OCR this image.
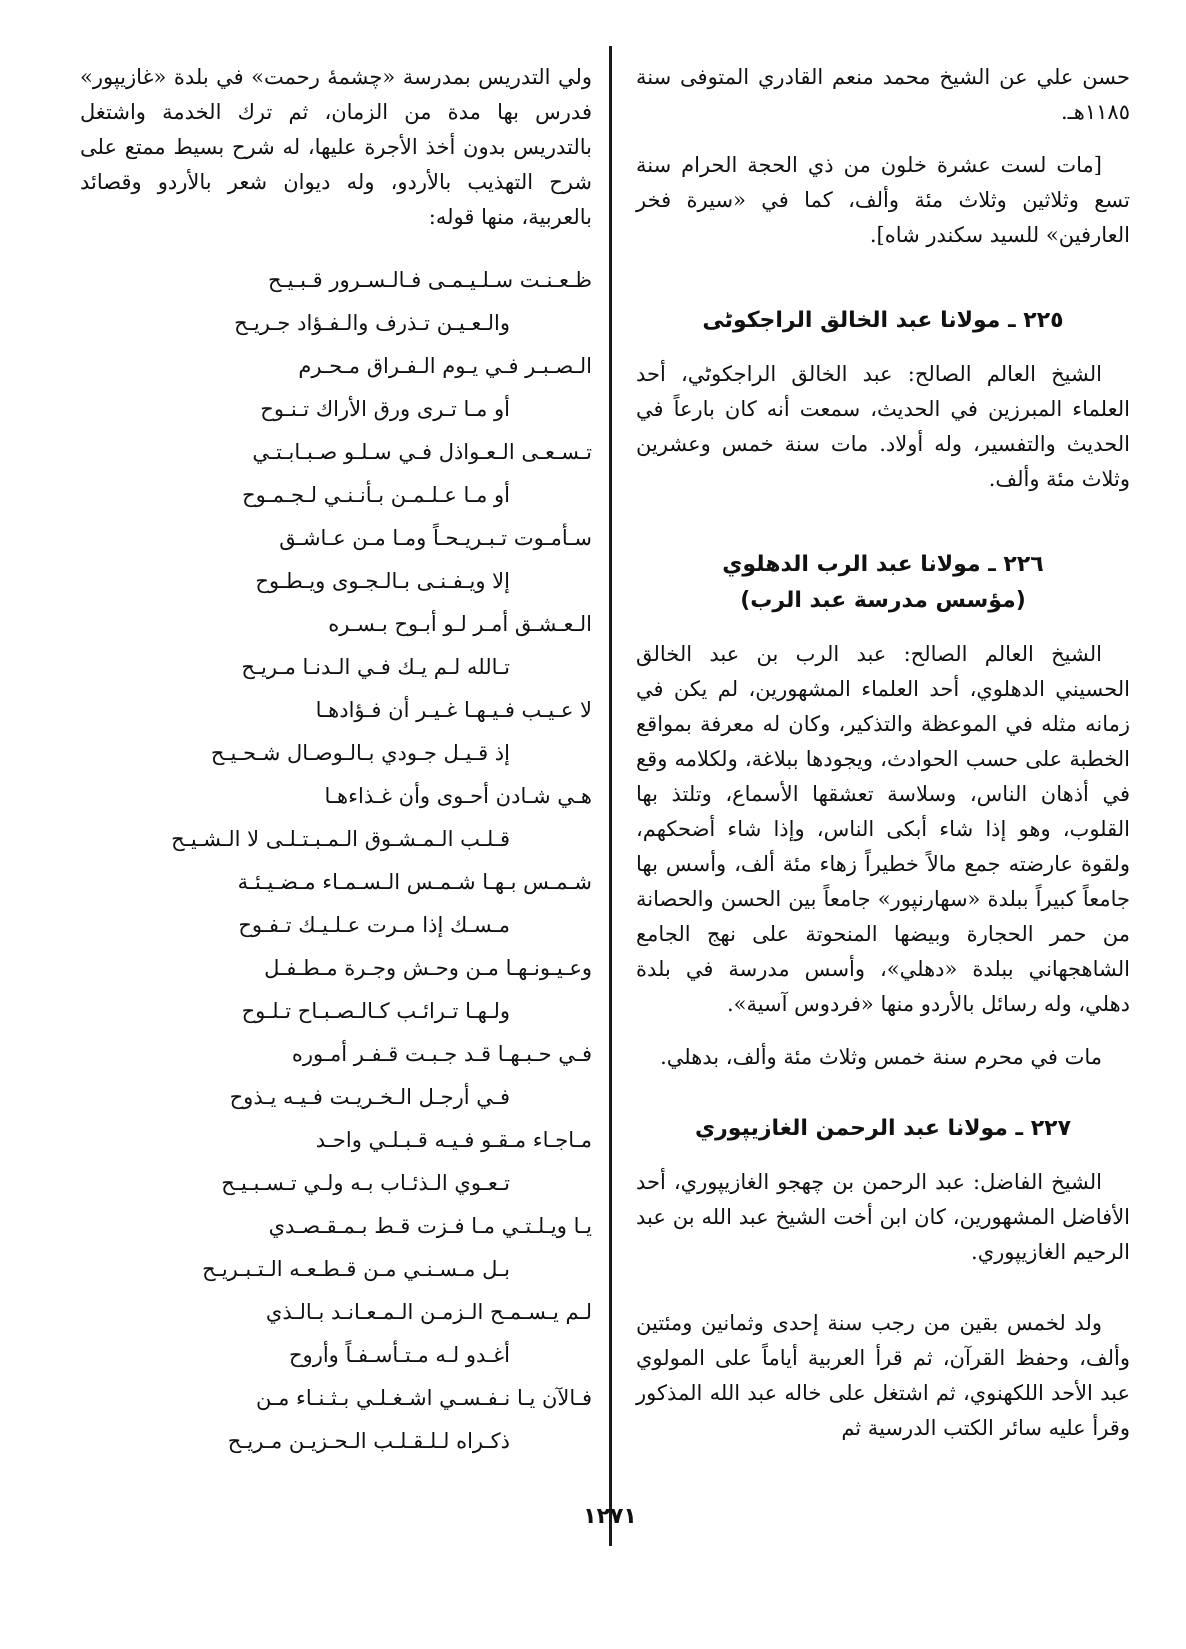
حسن علي عن الشيخ محمد منعم القادري المتوفى سنة ١١٨٥هـ.

[مات لست عشرة خلون من ذي الحجة الحرام سنة تسع وثلاثين وثلاث مئة وألف، كما في «سيرة فخر العارفين» للسيد سكندر شاه].

٢٢٥ ـ مولانا عبد الخالق الراجكوٹی

الشيخ العالم الصالح: عبد الخالق الراجكوٹي، أحد العلماء المبرزين في الحديث، سمعت أنه كان بارعاً في الحديث والتفسير، وله أولاد. مات سنة خمس وعشرين وثلاث مئة وألف.

٢٢٦ ـ مولانا عبد الرب الدهلوي

(مؤسس مدرسة عبد الرب)

الشيخ العالم الصالح: عبد الرب بن عبد الخالق الحسيني الدهلوي، أحد العلماء المشهورين، لم يكن في زمانه مثله في الموعظة والتذكير، وكان له معرفة بمواقع الخطبة على حسب الحوادث، ويجودها ببلاغة، ولكلامه وقع في أذهان الناس، وسلاسة تعشقها الأسماع، وتلتذ بها القلوب، وهو إذا شاء أبكى الناس، وإذا شاء أضحكهم، ولقوة عارضته جمع مالاً خطيراً زهاء مئة ألف، وأسس بها جامعاً كبيراً ببلدة «سهارنپور» جامعاً بين الحسن والحصانة من حمر الحجارة وبيضها المنحوتة على نهج الجامع الشاهجهاني ببلدة «دهلي»، وأسس مدرسة في بلدة دهلي، وله رسائل بالأردو منها «فردوس آسية».

مات في محرم سنة خمس وثلاث مئة وألف، بدهلي.

٢٢٧ ـ مولانا عبد الرحمن الغازيپوري

الشيخ الفاضل: عبد الرحمن بن چهجو الغازيپوري، أحد الأفاضل المشهورين، كان ابن أخت الشيخ عبد الله بن عبد الرحيم الغازيپوري.

ولد لخمس بقين من رجب سنة إحدى وثمانين ومئتين وألف، وحفظ القرآن، ثم قرأ العربية أياماً على المولوي عبد الأحد اللكهنوي، ثم اشتغل على خاله عبد الله المذكور وقرأ عليه سائر الكتب الدرسية ثم

ولي التدريس بمدرسة «چشمهٔ رحمت» في بلدة «غازيپور» فدرس بها مدة من الزمان، ثم ترك الخدمة واشتغل بالتدريس بدون أخذ الأجرة عليها، له شرح بسيط ممتع على شرح التهذيب بالأردو، وله ديوان شعر بالأردو وقصائد بالعربية، منها قوله:

ظـعـنـت سـلـيـمـى فـالـسـرور قـبـيـح
والـعـيـن تـذرف والـفـؤاد جـريـح
الـصـبـر فـي يـوم الـفـراق مـحـرم
أو مـا تـرى ورق الأراك تـنـوح
تـسـعـى الـعـواذل فـي سـلـو صـبـابـتـي
أو مـا عـلـمـن بـأنـنـي لـجـمـوح
سـأمـوت تـبـريـحـاً ومـا مـن عـاشـق
إلا ويـفـنـى بـالـجـوى ويـطـوح
الـعـشـق أمـر لـو أبـوح بـسـره
تـالله لـم يـك فـي الـدنـا مـريـح
لا عـيـب فـيـهـا غـيـر أن فـؤادهـا
إذ قـيـل جـودي بـالـوصـال شـحـيـح
هـي شـادن أحـوى وأن غـذاءهـا
قـلـب الـمـشـوق الـمـبـتـلـى لا الـشـيـح
شـمـس بـهـا شـمـس الـسـمـاء مـضـيـئـة
مـسـك إذا مـرت عـلـيـك تـفـوح
وعـيـونـهـا مـن وحـش وجـرة مـطـفـل
ولـهـا تـرائـب كـالـصـبـاح تـلـوح
فـي حـبـهـا قـد جـبـت قـفـر أمـوره
فـي أرجـل الـخـريـت فـيـه يـذوح
مـاجـاء مـقـو فـيـه قـبـلـي واحـد
تـعـوي الـذئـاب بـه ولـي تـسـبـيـح
يـا ويـلـتـي مـا فـزت قـط بـمـقـصـدي
بـل مـسـنـي مـن قـطـعـه الـتـبـريـح
لـم يـسـمـح الـزمـن الـمـعـانـد بـالـذي
أغـدو لـه مـتـأسـفـاً وأروح
فـالآن يـا نـفـسـي اشـغـلـي بـثـنـاء مـن
ذكـراه لـلـقـلـب الـحـزيـن مـريـح
١٢٧١
